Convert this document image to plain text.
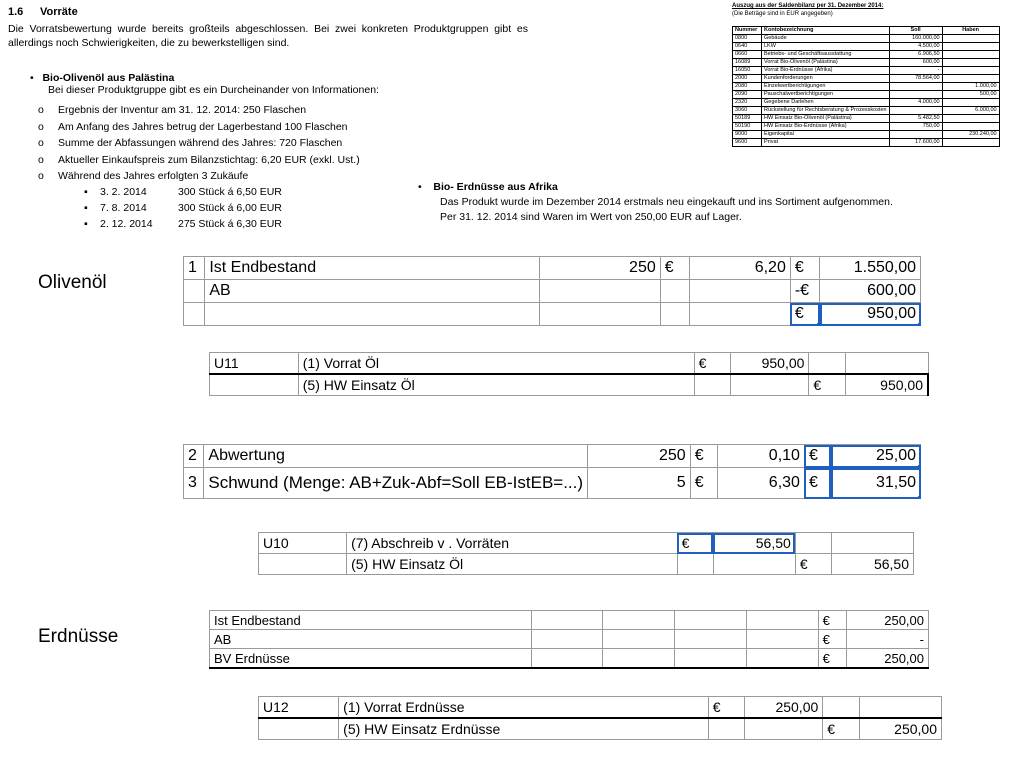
1.6 Vorräte
Die Vorratsbewertung wurde bereits großteils abgeschlossen. Bei zwei konkreten Produktgruppen gibt es allerdings noch Schwierigkeiten, die zu bewerkstelligen sind.
•   Bio-Olivenöl aus Palästina
Bei dieser Produktgruppe gibt es ein Durcheinander von Informationen:
o Ergebnis der Inventur am 31. 12. 2014: 250 Flaschen
o Am Anfang des Jahres betrug der Lagerbestand 100 Flaschen
o Summe der Abfassungen während des Jahres: 720 Flaschen
o Aktueller Einkaufspreis zum Bilanzstichtag: 6,20 EUR (exkl. Ust.)
o Während des Jahres erfolgten 3 Zukäufe
▪ 3. 2. 2014	300 Stück á 6,50 EUR
▪ 7. 8. 2014	300 Stück á 6,00 EUR
▪ 2. 12. 2014 275 Stück á 6,30 EUR
•    Bio- Erdnüsse aus Afrika
Das Produkt wurde im Dezember 2014 erstmals neu eingekauft und ins Sortiment aufgenommen. Per 31. 12. 2014 sind Waren im Wert von 250,00 EUR auf Lager.
Auszug aus der Saldenbilanz per 31. Dezember 2014:
(Die Beträge sind in EUR angegeben)
Nummer	Kontobezeichnung	Soll	Haben
0800	Gebäude	160.000,00	
0640	LKW	4.500,00	
0660	Betriebs- und Geschäftsausstattung	6.906,50	
16089	Vorrat Bio-Olivenöl (Palästina)	600,00	
16050	Vorrat Bio-Erdnüsse (Afrika)	-	
2000	Kundenforderungen	78.564,00	
2080	Einzelwertberichtigungen		1.000,00
2090	Pauschalwertberichtigungen		500,00
2320	Gegebene Darlehen	4.000,00	
3060	Rückstellung für Rechtsberatung & Prozesskosten		6.000,00
50189	HW Einsatz Bio-Olivenöl (Palästina)	5.482,50	
50190	HW Einsatz Bio-Erdnüsse (Afrika)	750,00	
9000	Eigenkapital		230.240,00
9600	Privat	17.600,00	
Olivenöl
Erdnüsse
1	Ist Endbestand	250	€	6,20	€	1.550,00
	AB				-€	600,00
					€	950,00
U11	(1) Vorrat Öl	€	950,00		
	(5) HW Einsatz Öl			€	950,00
2	Abwertung	250	€	0,10	€	25,00
3	Schwund (Menge: AB+Zuk-Abf=Soll EB-IstEB=...)	5	€	6,30	€	31,50
U10	(7) Abschreib v . Vorräten	€	56,50		
	(5) HW Einsatz Öl			€	56,50
Ist Endbestand					€	250,00
AB					€	-
BV Erdnüsse					€	250,00
U12	(1) Vorrat Erdnüsse	€	250,00		
	(5) HW Einsatz Erdnüsse			€	250,00
